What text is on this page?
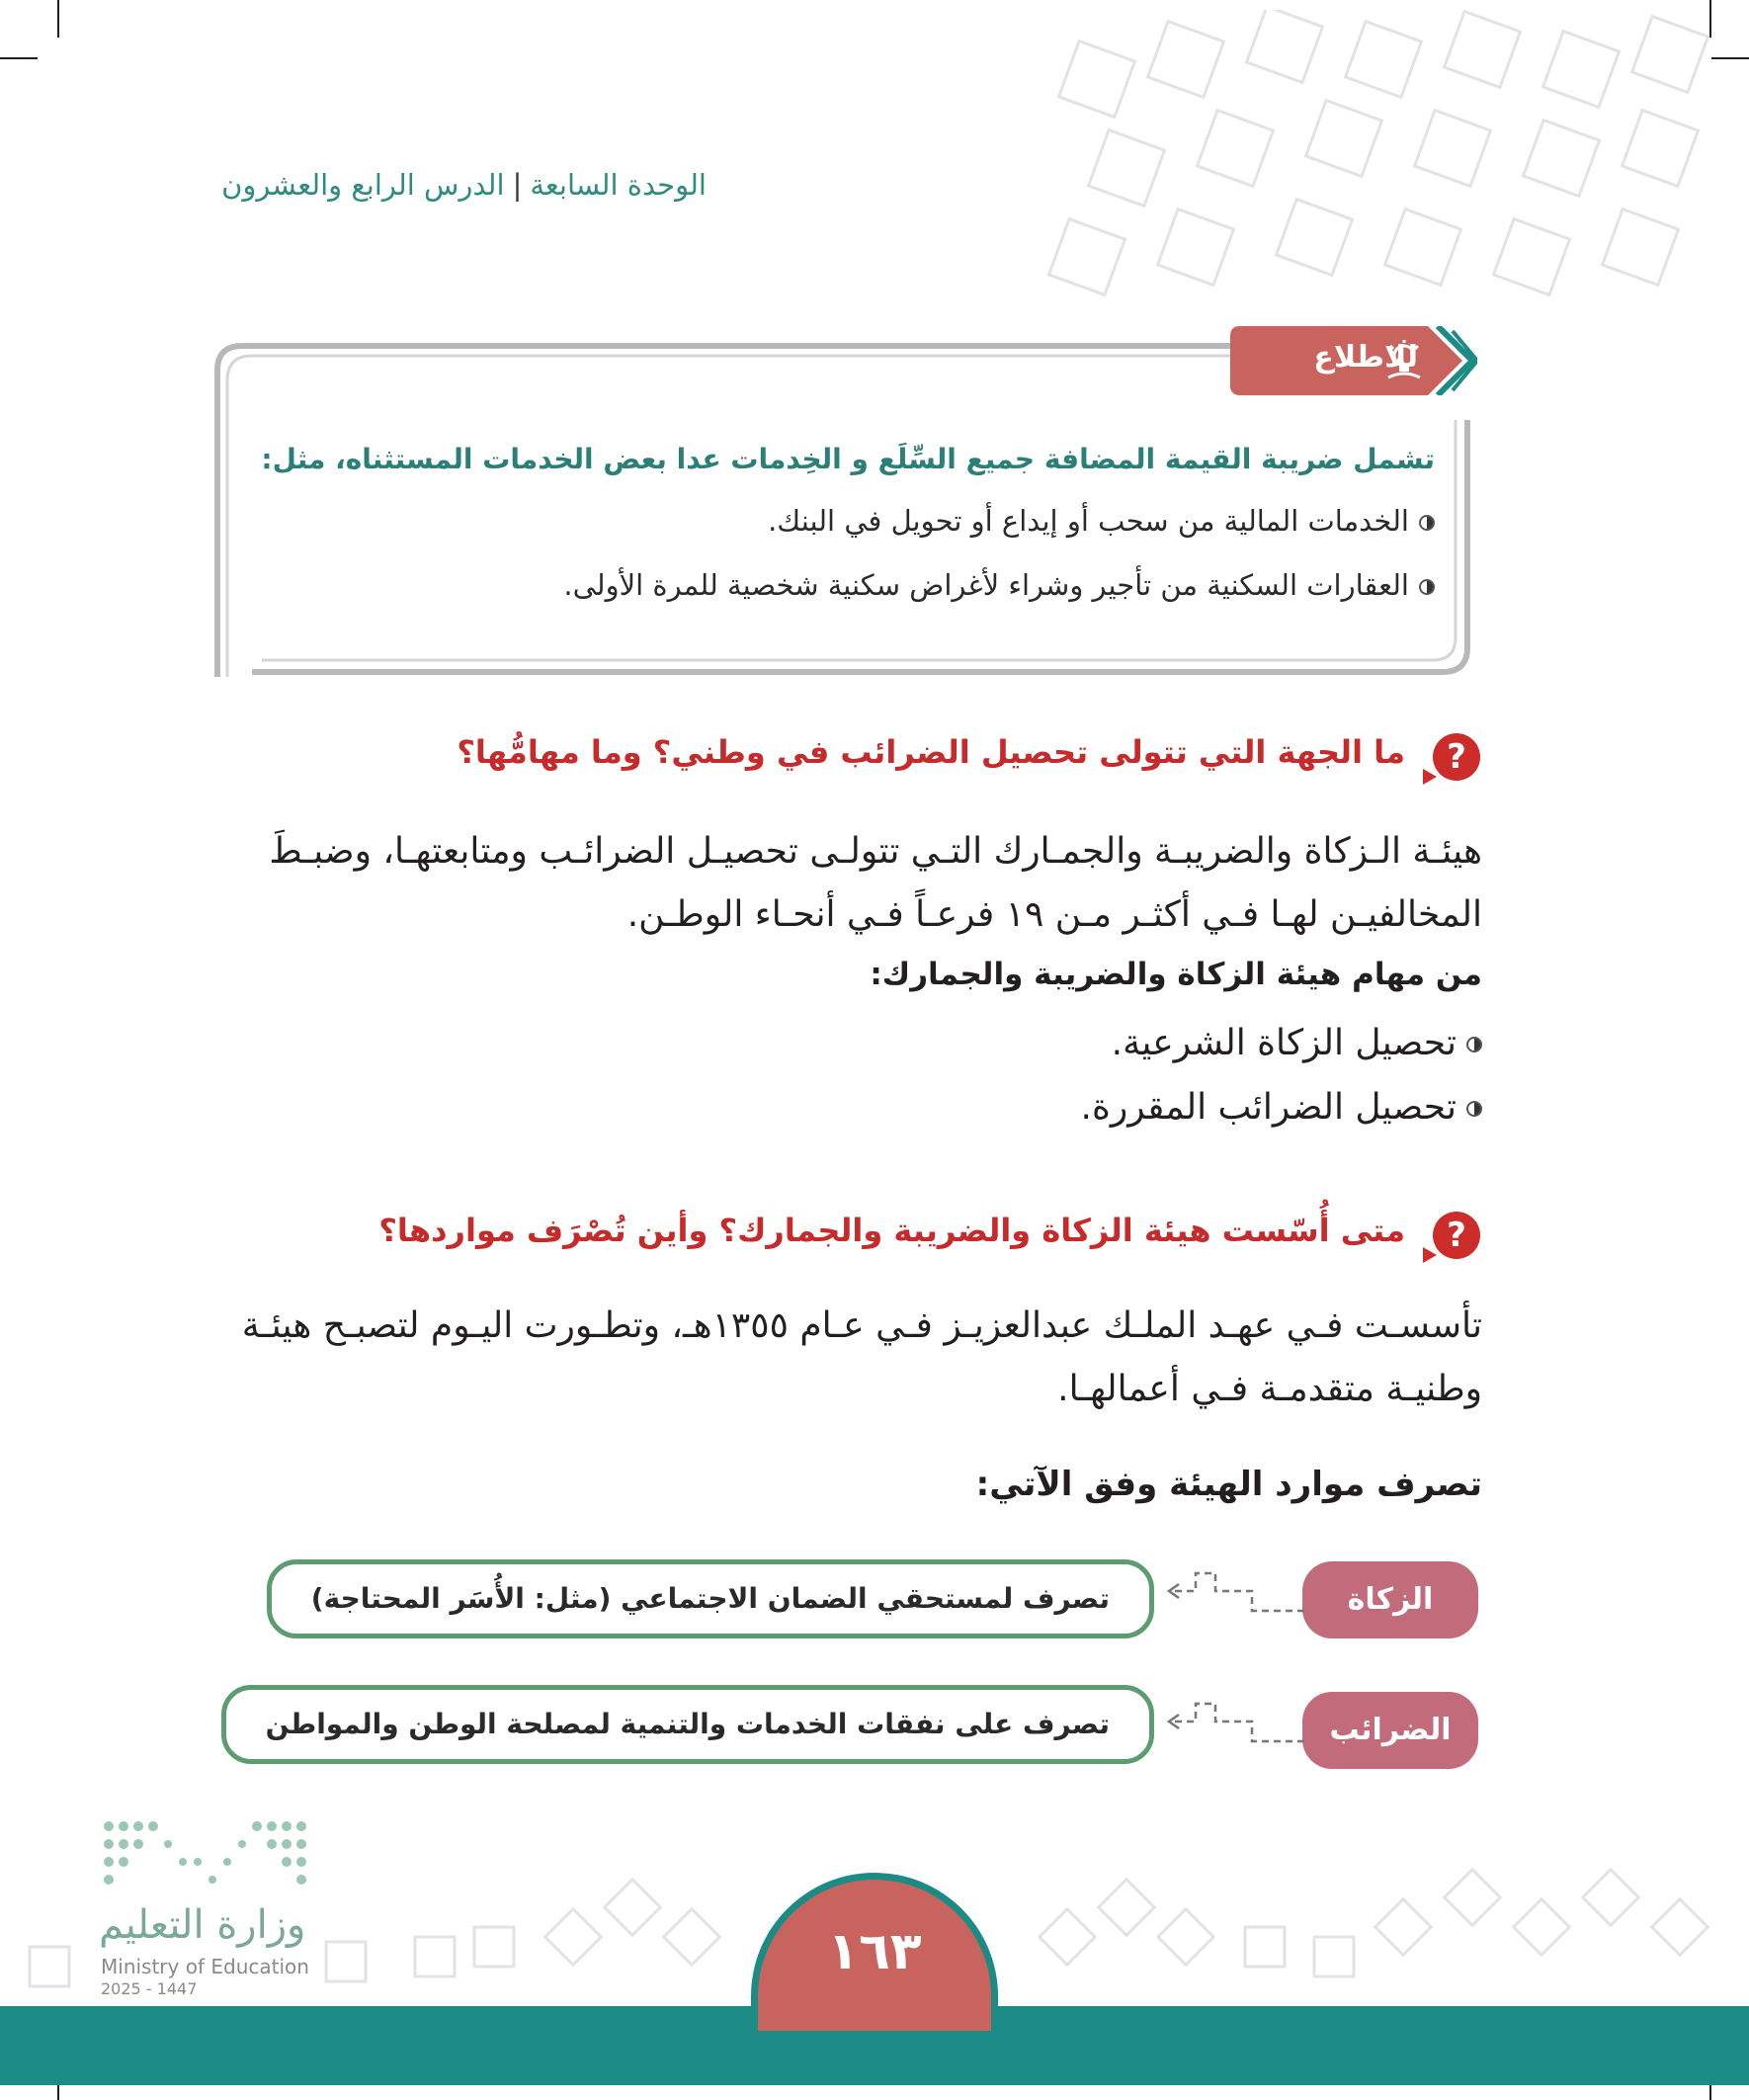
الوحدة السابعة|الدرس الرابع والعشرون
للاطلاع
تشمل ضريبة القيمة المضافة جميع السِّلَع و الخِدمات عدا بعض الخدمات المستثناه، مثل:
الخدمات المالية من سحب أو إيداع أو تحويل في البنك.
العقارات السكنية من تأجير وشراء لأغراض سكنية شخصية للمرة الأولى.
?
ما الجهة التي تتولى تحصيل الضرائب في وطني؟ وما مهامُّها؟
هيئـة الـزكاة والضريبـة والجمـارك التـي تتولـى تحصيـل الضرائـب ومتابعتهـا، وضبـطَ
المخالفيـن لهـا فـي أكثـر مـن ١٩ فرعـاً فـي أنحـاء الوطـن.
من مهام هيئة الزكاة والضريبة والجمارك:
تحصيل الزكاة الشرعية.
تحصيل الضرائب المقررة.
?
متى أُسّست هيئة الزكاة والضريبة والجمارك؟ وأين تُصْرَف مواردها؟
تأسسـت فـي عهـد الملـك عبدالعزيـز فـي عـام ١٣٥٥هـ، وتطـورت اليـوم لتصبـح هيئـة
وطنيـة متقدمـة فـي أعمالهـا.
تصرف موارد الهيئة وفق الآتي:
الزكاة
تصرف لمستحقي الضمان الاجتماعي (مثل: الأُسَر المحتاجة)
الضرائب
تصرف على نفقات الخدمات والتنمية لمصلحة الوطن والمواطن
١٦٣
وزارة التعليم
Ministry of Education
2025 - 1447
